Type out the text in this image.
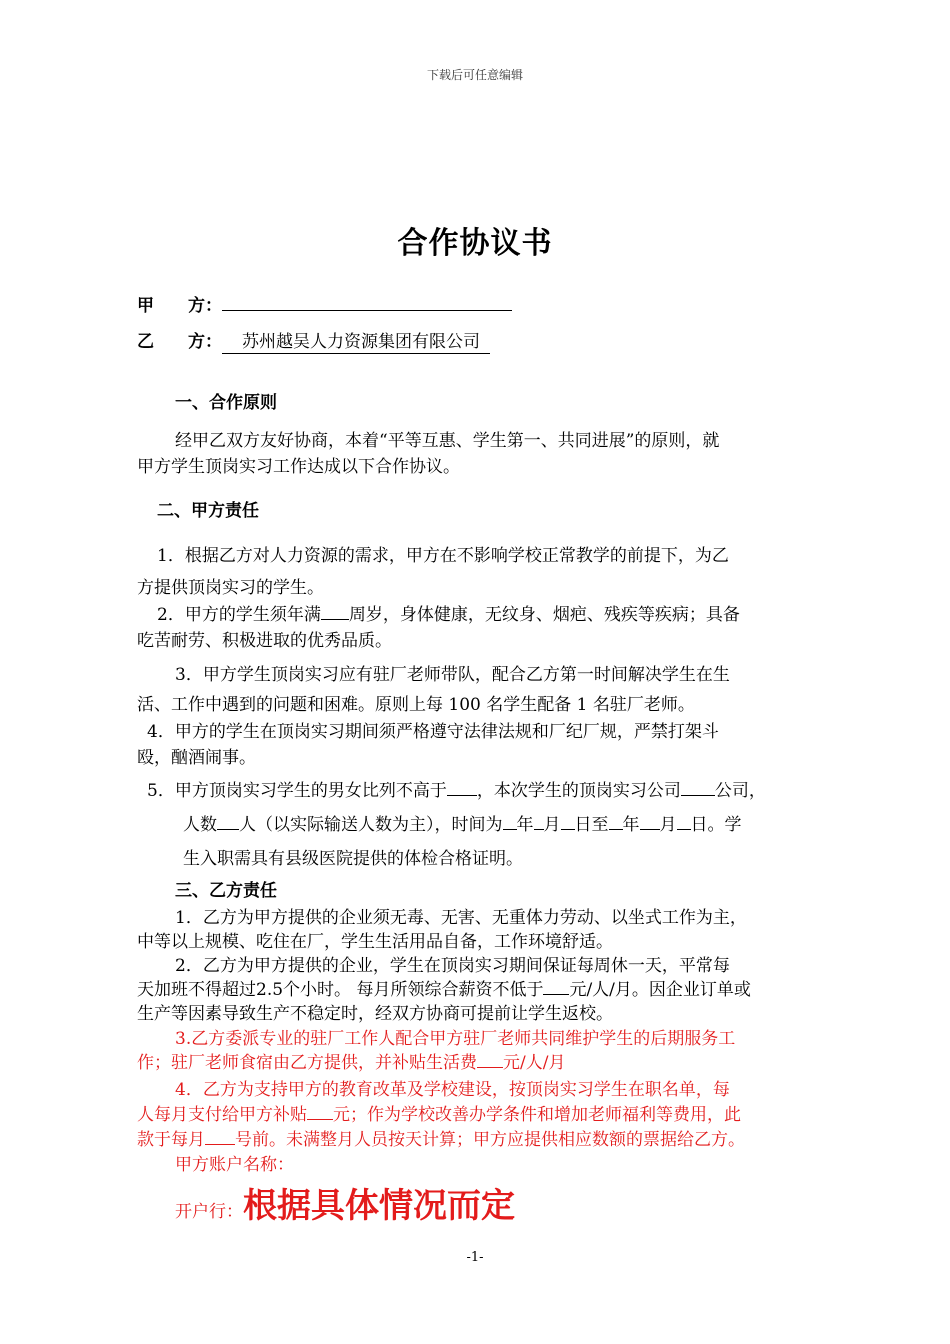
下载后可任意编辑
合作协议书
甲　　方：
乙　　方： 苏州越吴人力资源集团有限公司
一、合作原则
经甲乙双方友好协商，本着“平等互惠、学生第一、共同进展”的原则，就
甲方学生顶岗实习工作达成以下合作协议。
二、甲方责任
1．根据乙方对人力资源的需求，甲方在不影响学校正常教学的前提下，为乙
方提供顶岗实习的学生。
2．甲方的学生须年满 周岁，身体健康，无纹身、烟疤、残疾等疾病；具备
吃苦耐劳、积极进取的优秀品质。
3．甲方学生顶岗实习应有驻厂老师带队，配合乙方第一时间解决学生在生
活、工作中遇到的问题和困难。原则上每 100 名学生配备 1 名驻厂老师。
4．甲方的学生在顶岗实习期间须严格遵守法律法规和厂纪厂规，严禁打架斗
殴，酗酒闹事。
5．甲方顶岗实习学生的男女比列不高于 ，本次学生的顶岗实习公司 公司，
人数 人（以实际输送人数为主），时间为 年 月 日至 年 月 日。学
生入职需具有县级医院提供的体检合格证明。
三、乙方责任
1．乙方为甲方提供的企业须无毒、无害、无重体力劳动、以坐式工作为主，
中等以上规模、吃住在厂，学生生活用品自备，工作环境舒适。
2．乙方为甲方提供的企业，学生在顶岗实习期间保证每周休一天，平常每
天加班不得超过2.5个小时。 每月所领综合薪资不低于 元/人/月。因企业订单或
生产等因素导致生产不稳定时，经双方协商可提前让学生返校。
3.乙方委派专业的驻厂工作人配合甲方驻厂老师共同维护学生的后期服务工
作；驻厂老师食宿由乙方提供，并补贴生活费 元/人/月
4．乙方为支持甲方的教育改革及学校建设，按顶岗实习学生在职名单，每
人每月支付给甲方补贴 元；作为学校改善办学条件和增加老师福利等费用，此
款于每月 号前。未满整月人员按天计算；甲方应提供相应数额的票据给乙方。
甲方账户名称：
开户行：根据具体情况而定
-1-
